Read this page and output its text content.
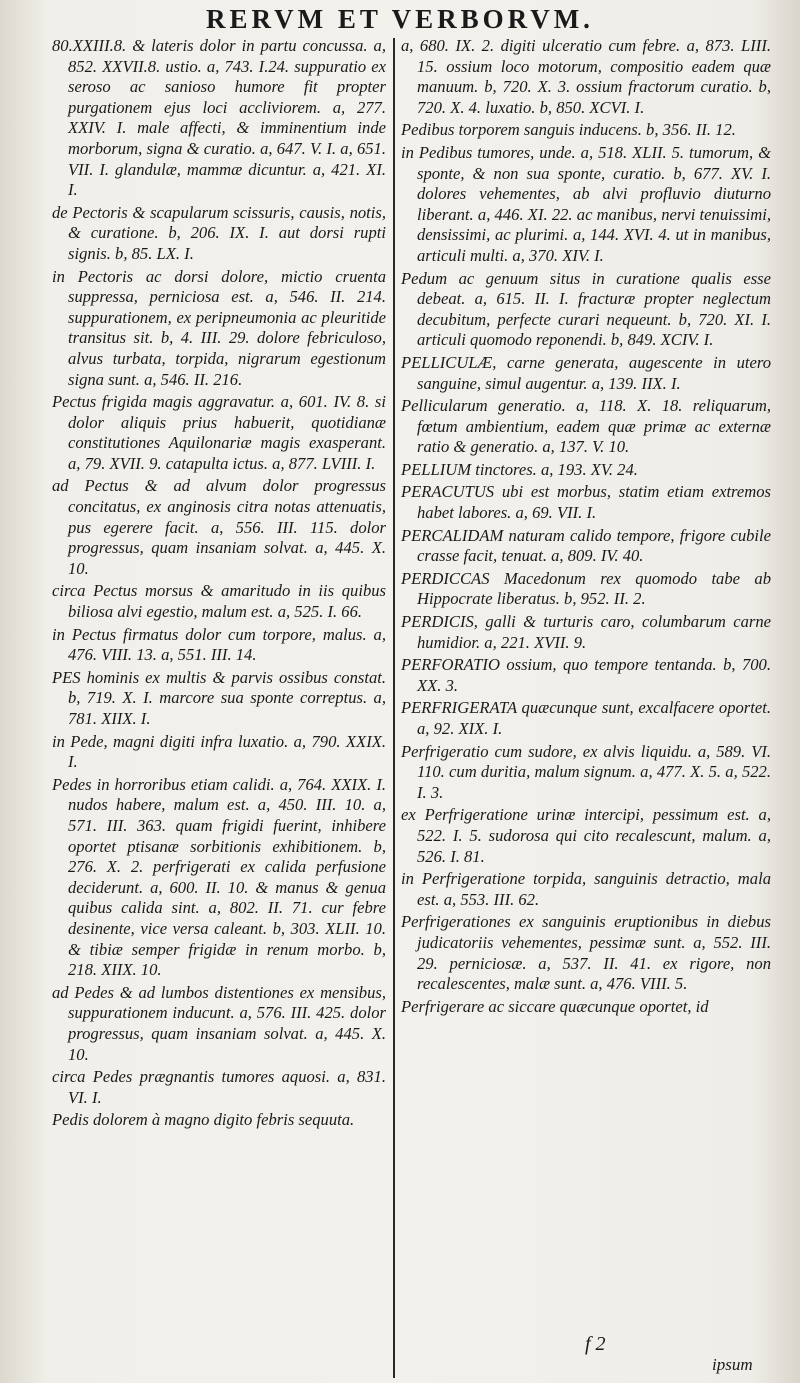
RERVM ET VERBORVM.

80.XXIII.8. & lateris dolor in partu concussa. a, 852. XXVII.8. ustio. a, 743. I.24. suppuratio ex seroso ac sanioso humore fit propter purgationem ejus loci accliviorem. a, 277. XXIV. I. male affecti, & imminentium inde morborum, signa & curatio. a, 647. V. I. a, 651. VII. I. glandulæ, mammæ dicuntur. a, 421. XI. I.

de Pectoris & scapularum scissuris, causis, notis, & curatione. b, 206. IX. I. aut dorsi rupti signis. b, 85. LX. I.

in Pectoris ac dorsi dolore, mictio cruenta suppressa, perniciosa est. a, 546. II. 214. suppurationem, ex peripneumonia ac pleuritide transitus sit. b, 4. III. 29. dolore febriculoso, alvus turbata, torpida, nigrarum egestionum signa sunt. a, 546. II. 216.

Pectus frigida magis aggravatur. a, 601. IV. 8. si dolor aliquis prius habuerit, quotidianæ constitutiones Aquilonariæ magis exasperant. a, 79. XVII. 9. catapulta ictus. a, 877. LVIII. I.

ad Pectus & ad alvum dolor progressus concitatus, ex anginosis citra notas attenuatis, pus egerere facit. a, 556. III. 115. dolor progressus, quam insaniam solvat. a, 445. X. 10.

circa Pectus morsus & amaritudo in iis quibus biliosa alvi egestio, malum est. a, 525. I. 66.

in Pectus firmatus dolor cum torpore, malus. a, 476. VIII. 13. a, 551. III. 14.

PES hominis ex multis & parvis ossibus constat. b, 719. X. I. marcore sua sponte correptus. a, 781. XIIX. I.

in Pede, magni digiti infra luxatio. a, 790. XXIX. I.

Pedes in horroribus etiam calidi. a, 764. XXIX. I. nudos habere, malum est. a, 450. III. 10. a, 571. III. 363. quam frigidi fuerint, inhibere oportet ptisanæ sorbitionis exhibitionem. b, 276. X. 2. perfrigerati ex calida perfusione deciderunt. a, 600. II. 10. & manus & genua quibus calida sint. a, 802. II. 71. cur febre desinente, vice versa caleant. b, 303. XLII. 10. & tibiæ semper frigidæ in renum morbo. b, 218. XIIX. 10.

ad Pedes & ad lumbos distentiones ex mensibus, suppurationem inducunt. a, 576. III. 425. dolor progressus, quam insaniam solvat. a, 445. X. 10.

circa Pedes prægnantis tumores aquosi. a, 831. VI. I.

Pedis dolorem à magno digito febris sequuta.

a, 680. IX. 2. digiti ulceratio cum febre. a, 873. LIII. 15. ossium loco motorum, compositio eadem quæ manuum. b, 720. X. 3. ossium fractorum curatio. b, 720. X. 4. luxatio. b, 850. XCVI. I.

Pedibus torporem sanguis inducens. b, 356. II. 12.

in Pedibus tumores, unde. a, 518. XLII. 5. tumorum, & sponte, & non sua sponte, curatio. b, 677. XV. I. dolores vehementes, ab alvi profluvio diuturno liberant. a, 446. XI. 22. ac manibus, nervi tenuissimi, densissimi, ac plurimi. a, 144. XVI. 4. ut in manibus, articuli multi. a, 370. XIV. I.

Pedum ac genuum situs in curatione qualis esse debeat. a, 615. II. I. fracturæ propter neglectum decubitum, perfecte curari nequeunt. b, 720. XI. I. articuli quomodo reponendi. b, 849. XCIV. I.

PELLICULÆ, carne generata, augescente in utero sanguine, simul augentur. a, 139. IIX. I.

Pellicularum generatio. a, 118. X. 18. reliquarum, fœtum ambientium, eadem quæ primæ ac externæ ratio & generatio. a, 137. V. 10.

PELLIUM tinctores. a, 193. XV. 24.

PERACUTUS ubi est morbus, statim etiam extremos habet labores. a, 69. VII. I.

PERCALIDAM naturam calido tempore, frigore cubile crasse facit, tenuat. a, 809. IV. 40.

PERDICCAS Macedonum rex quomodo tabe ab Hippocrate liberatus. b, 952. II. 2.

PERDICIS, galli & turturis caro, columbarum carne humidior. a, 221. XVII. 9.

PERFORATIO ossium, quo tempore tentanda. b, 700. XX. 3.

PERFRIGERATA quæcunque sunt, excalfacere oportet. a, 92. XIX. I.

Perfrigeratio cum sudore, ex alvis liquidu. a, 589. VI. 110. cum duritia, malum signum. a, 477. X. 5. a, 522. I. 3.

ex Perfrigeratione urinæ intercipi, pessimum est. a, 522. I. 5. sudorosa qui cito recalescunt, malum. a, 526. I. 81.

in Perfrigeratione torpida, sanguinis detractio, mala est. a, 553. III. 62.

Perfrigerationes ex sanguinis eruptionibus in diebus judicatoriis vehementes, pessimæ sunt. a, 552. III. 29. perniciosæ. a, 537. II. 41. ex rigore, non recalescentes, malæ sunt. a, 476. VIII. 5.

Perfrigerare ac siccare quæcunque oportet, id

f 2
ipsum
